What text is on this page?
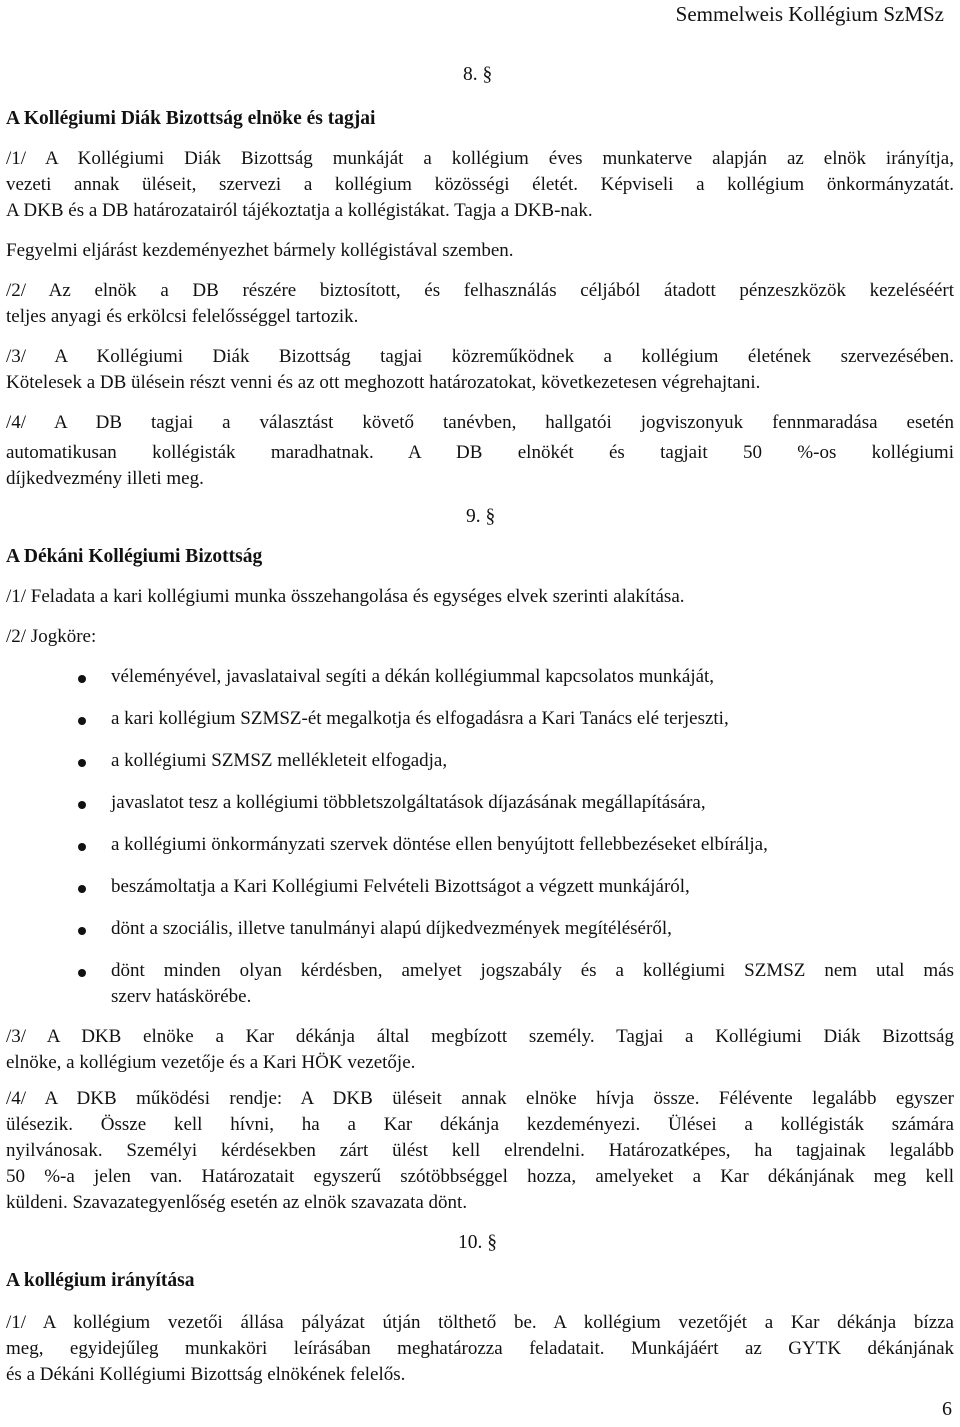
Semmelweis Kollégium SzMSz
8. §
A Kollégiumi Diák Bizottság elnöke és tagjai
/1/ A Kollégiumi Diák Bizottság munkáját a kollégium éves munkaterve alapján az elnök irányítja,
vezeti annak üléseit, szervezi a kollégium közösségi életét. Képviseli a kollégium önkormányzatát.
A DKB és a DB határozatairól tájékoztatja a kollégistákat. Tagja a DKB-nak.
Fegyelmi eljárást kezdeményezhet bármely kollégistával szemben.
/2/ Az elnök a DB részére biztosított, és felhasználás céljából átadott pénzeszközök kezeléséért
teljes anyagi és erkölcsi felelősséggel tartozik.
/3/ A Kollégiumi Diák Bizottság tagjai közreműködnek a kollégium életének szervezésében.
Kötelesek a DB ülésein részt venni és az ott meghozott határozatokat, következetesen végrehajtani.
/4/ A DB tagjai a választást követő tanévben, hallgatói jogviszonyuk fennmaradása esetén
automatikusan kollégisták maradhatnak. A DB elnökét és tagjait 50 %-os kollégiumi
díjkedvezmény illeti meg.
9. §
A Dékáni Kollégiumi Bizottság
/1/ Feladata a kari kollégiumi munka összehangolása és egységes elvek szerinti alakítása.
/2/ Jogköre:
véleményével, javaslataival segíti a dékán kollégiummal kapcsolatos munkáját,
a kari kollégium SZMSZ-ét megalkotja és elfogadásra a Kari Tanács elé terjeszti,
a kollégiumi SZMSZ mellékleteit elfogadja,
javaslatot tesz a kollégiumi többletszolgáltatások díjazásának megállapítására,
a kollégiumi önkormányzati szervek döntése ellen benyújtott fellebbezéseket elbírálja,
beszámoltatja a Kari Kollégiumi Felvételi Bizottságot a végzett munkájáról,
dönt a szociális, illetve tanulmányi alapú díjkedvezmények megítéléséről,
dönt minden olyan kérdésben, amelyet jogszabály és a kollégiumi SZMSZ nem utal más
szerv hatáskörébe.
/3/ A DKB elnöke a Kar dékánja által megbízott személy. Tagjai a Kollégiumi Diák Bizottság
elnöke, a kollégium vezetője és a Kari HÖK vezetője.
/4/ A DKB működési rendje: A DKB üléseit annak elnöke hívja össze. Félévente legalább egyszer
ülésezik. Össze kell hívni, ha a Kar dékánja kezdeményezi. Ülései a kollégisták számára
nyilvánosak. Személyi kérdésekben zárt ülést kell elrendelni. Határozatképes, ha tagjainak legalább
50 %-a jelen van. Határozatait egyszerű szótöbbséggel hozza, amelyeket a Kar dékánjának meg kell
küldeni. Szavazategyenlőség esetén az elnök szavazata dönt.
10. §
A kollégium irányítása
/1/ A kollégium vezetői állása pályázat útján tölthető be. A kollégium vezetőjét a Kar dékánja bízza
meg, egyidejűleg munkaköri leírásában meghatározza feladatait. Munkájáért az GYTK dékánjának
és a Dékáni Kollégiumi Bizottság elnökének felelős.
6
